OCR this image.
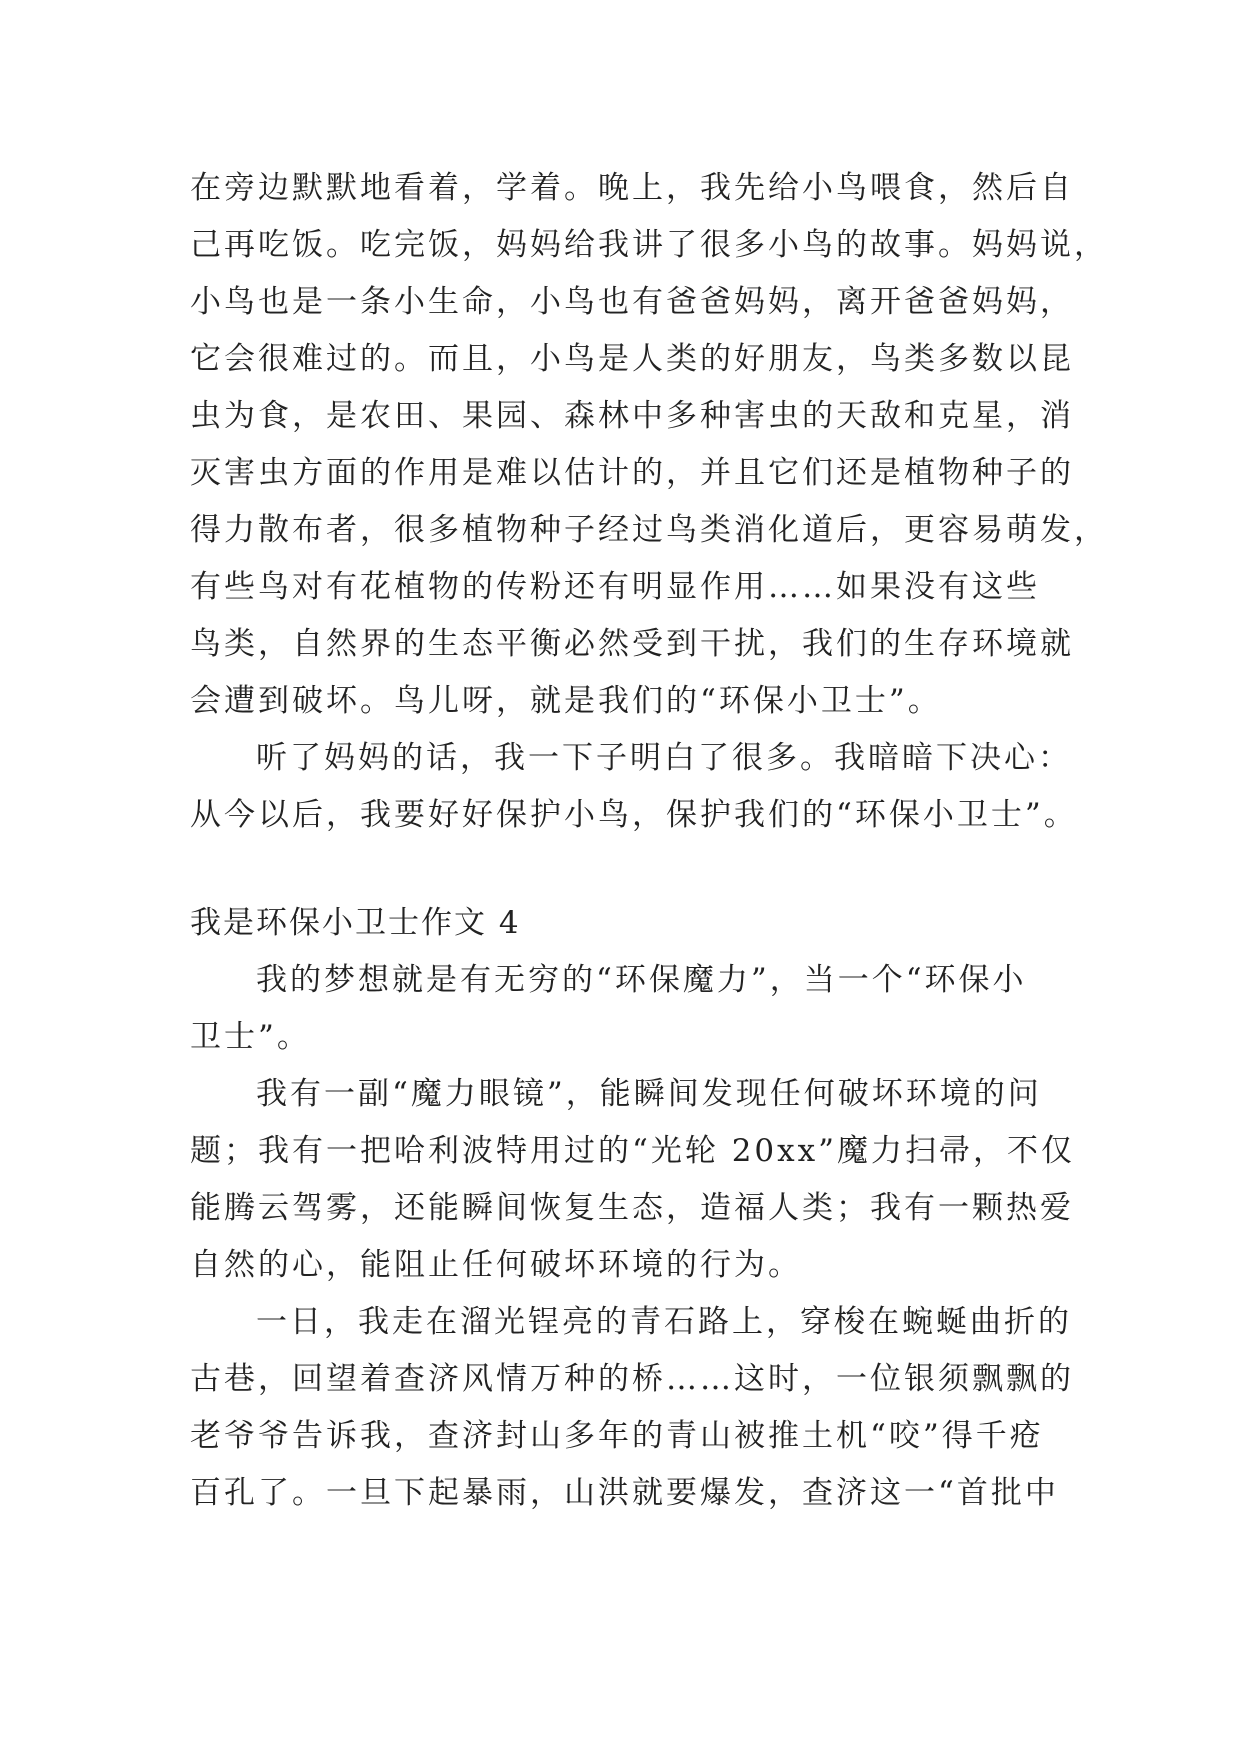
在旁边默默地看着，学着。晚上，我先给小鸟喂食，然后自
己再吃饭。吃完饭，妈妈给我讲了很多小鸟的故事。妈妈说，
小鸟也是一条小生命，小鸟也有爸爸妈妈，离开爸爸妈妈，
它会很难过的。而且，小鸟是人类的好朋友，鸟类多数以昆
虫为食，是农田、果园、森林中多种害虫的天敌和克星，消
灭害虫方面的作用是难以估计的，并且它们还是植物种子的
得力散布者，很多植物种子经过鸟类消化道后，更容易萌发，
有些鸟对有花植物的传粉还有明显作用……如果没有这些
鸟类，自然界的生态平衡必然受到干扰，我们的生存环境就
会遭到破坏。鸟儿呀，就是我们的“环保小卫士”。
听了妈妈的话，我一下子明白了很多。我暗暗下决心：
从今以后，我要好好保护小鸟，保护我们的“环保小卫士”。
我是环保小卫士作文 4
我的梦想就是有无穷的“环保魔力”，当一个“环保小
卫士”。
我有一副“魔力眼镜”，能瞬间发现任何破坏环境的问
题；我有一把哈利波特用过的“光轮 20xx”魔力扫帚，不仅
能腾云驾雾，还能瞬间恢复生态，造福人类；我有一颗热爱
自然的心，能阻止任何破坏环境的行为。
一日，我走在溜光锃亮的青石路上，穿梭在蜿蜒曲折的
古巷，回望着查济风情万种的桥……这时，一位银须飘飘的
老爷爷告诉我，查济封山多年的青山被推土机“咬”得千疮
百孔了。一旦下起暴雨，山洪就要爆发，查济这一“首批中
